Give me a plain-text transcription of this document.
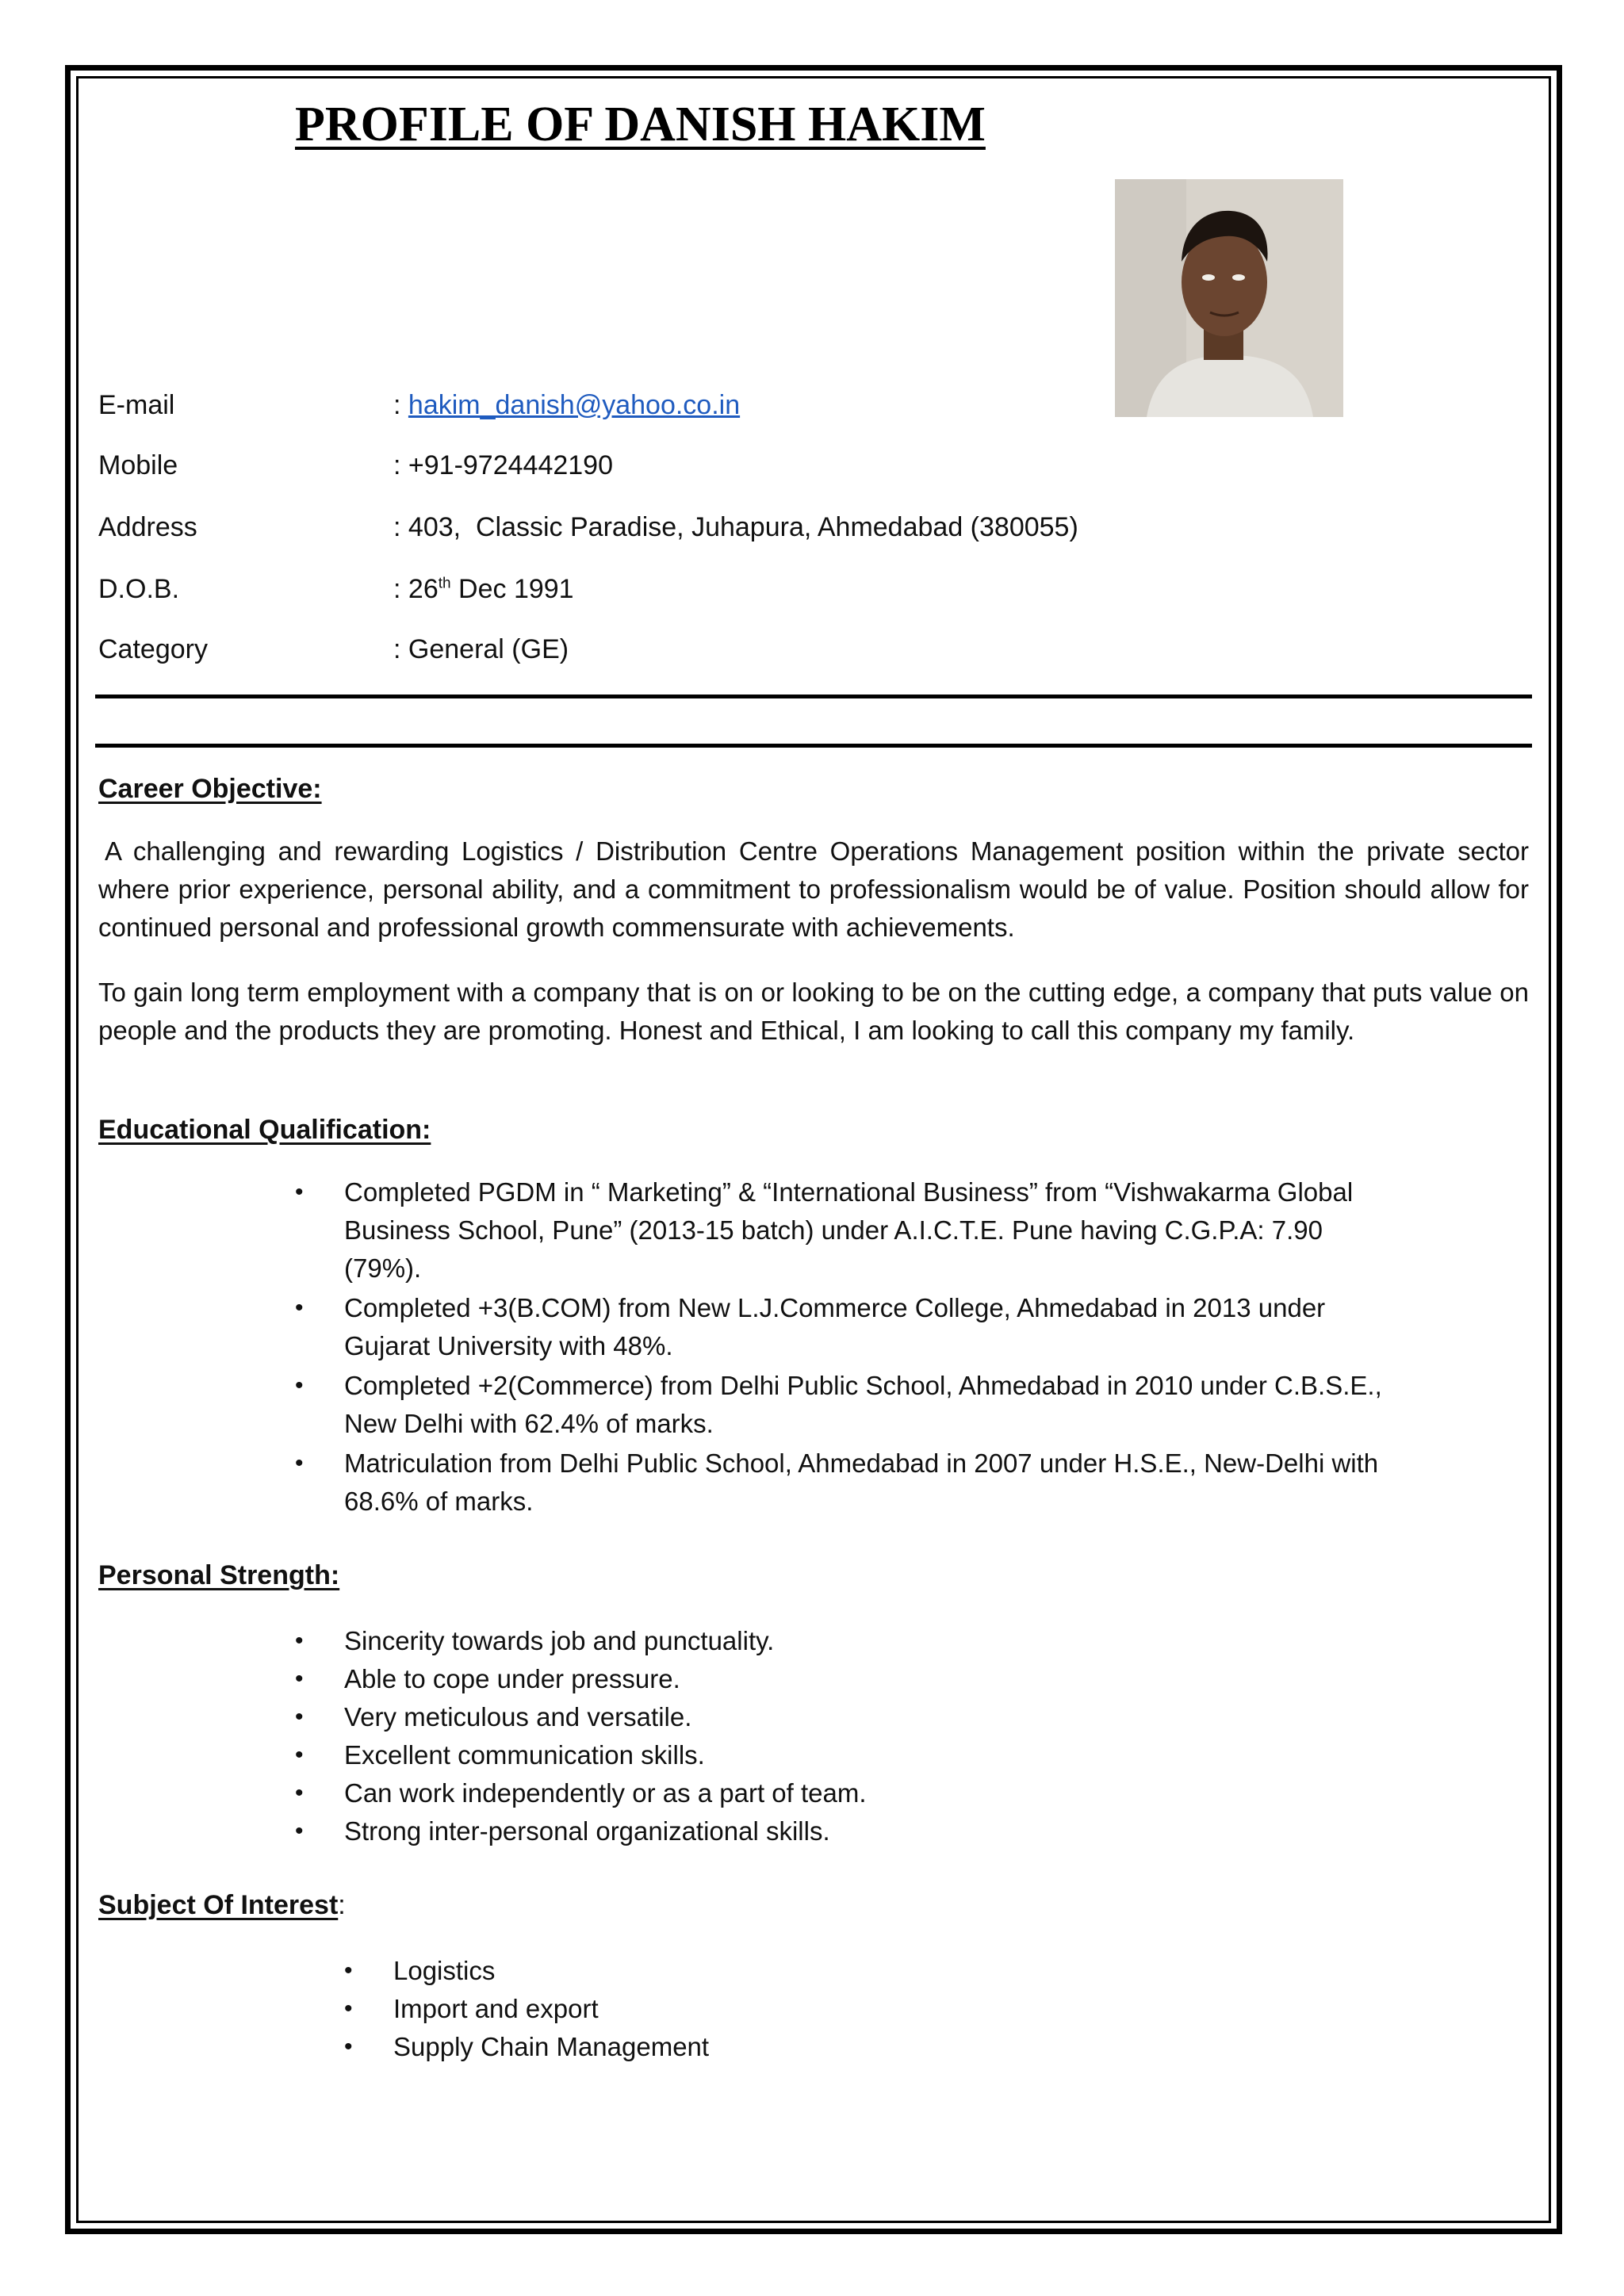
PROFILE OF DANISH HAKIM
E-mail	: hakim_danish@yahoo.co.in
Mobile	: +91-9724442190
Address	: 403,  Classic Paradise, Juhapura, Ahmedabad (380055)
D.O.B.	: 26th Dec 1991
Category	: General (GE)
Career Objective:
A challenging and rewarding Logistics / Distribution Centre Operations Management position within the private sector where prior experience, personal ability, and a commitment to professionalism would be of value. Position should allow for continued personal and professional growth commensurate with achievements.
To gain long term employment with a company that is on or looking to be on the cutting edge, a company that puts value on people and the products they are promoting. Honest and Ethical, I am looking to call this company my family.
Educational Qualification:
• Completed PGDM in “ Marketing” & “International Business” from “Vishwakarma Global Business School, Pune” (2013-15 batch) under A.I.C.T.E. Pune having C.G.P.A: 7.90 (79%).
• Completed +3(B.COM) from New L.J.Commerce College, Ahmedabad in 2013 under Gujarat University with 48%.
• Completed +2(Commerce) from Delhi Public School, Ahmedabad in 2010 under C.B.S.E., New Delhi with 62.4% of marks.
• Matriculation from Delhi Public School, Ahmedabad in 2007 under H.S.E., New-Delhi with 68.6% of marks.
Personal Strength:
• Sincerity towards job and punctuality.
• Able to cope under pressure.
• Very meticulous and versatile.
• Excellent communication skills.
• Can work independently or as a part of team.
• Strong inter-personal organizational skills.
Subject Of Interest:
• Logistics
• Import and export
• Supply Chain Management
